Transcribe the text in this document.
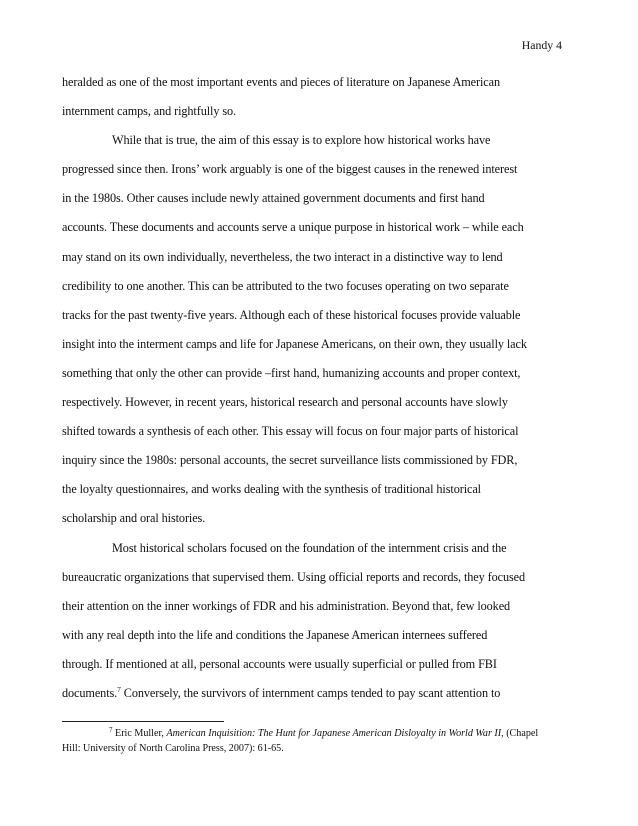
Handy 4
heralded as one of the most important events and pieces of literature on Japanese American
internment camps, and rightfully so.
While that is true, the aim of this essay is to explore how historical works have
progressed since then. Irons’ work arguably is one of the biggest causes in the renewed interest
in the 1980s. Other causes include newly attained government documents and first hand
accounts. These documents and accounts serve a unique purpose in historical work – while each
may stand on its own individually, nevertheless, the two interact in a distinctive way to lend
credibility to one another. This can be attributed to the two focuses operating on two separate
tracks for the past twenty-five years. Although each of these historical focuses provide valuable
insight into the interment camps and life for Japanese Americans, on their own, they usually lack
something that only the other can provide –first hand, humanizing accounts and proper context,
respectively. However, in recent years, historical research and personal accounts have slowly
shifted towards a synthesis of each other. This essay will focus on four major parts of historical
inquiry since the 1980s: personal accounts, the secret surveillance lists commissioned by FDR,
the loyalty questionnaires, and works dealing with the synthesis of traditional historical
scholarship and oral histories.
Most historical scholars focused on the foundation of the internment crisis and the
bureaucratic organizations that supervised them. Using official reports and records, they focused
their attention on the inner workings of FDR and his administration. Beyond that, few looked
with any real depth into the life and conditions the Japanese American internees suffered
through. If mentioned at all, personal accounts were usually superficial or pulled from FBI
documents.$^7$ Conversely, the survivors of internment camps tended to pay scant attention to
$^7$ Eric Muller, American Inquisition: The Hunt for Japanese American Disloyalty in World War II, (Chapel
Hill: University of North Carolina Press, 2007): 61-65.
